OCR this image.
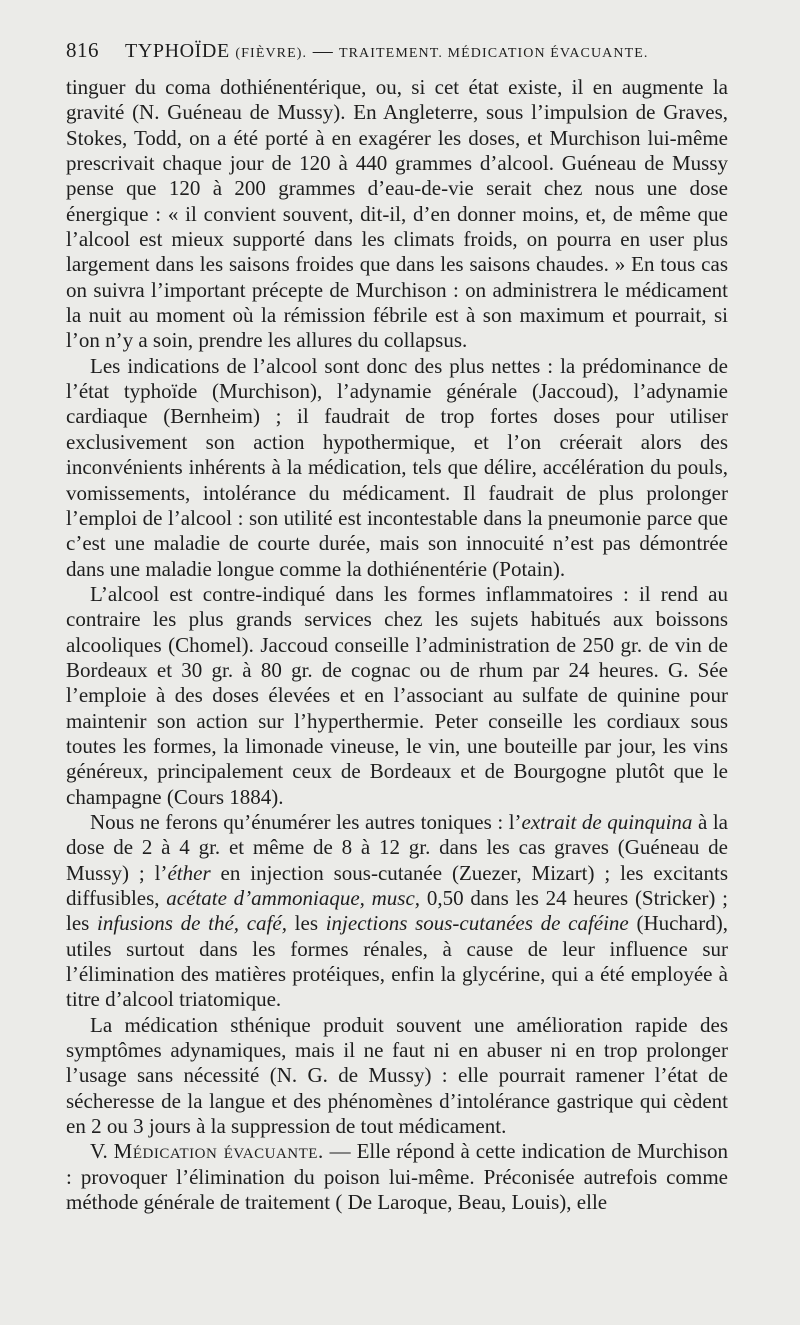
816 TYPHOÏDE (FIÈVRE). — TRAITEMENT. MÉDICATION ÉVACUANTE.

tinguer du coma dothiénentérique, ou, si cet état existe, il en augmente la gravité (N. Guéneau de Mussy). En Angleterre, sous l’impulsion de Graves, Stokes, Todd, on a été porté à en exagérer les doses, et Murchison lui-même prescrivait chaque jour de 120 à 440 grammes d’alcool. Guéneau de Mussy pense que 120 à 200 grammes d’eau-de-vie serait chez nous une dose énergique : « il convient souvent, dit-il, d’en donner moins, et, de même que l’alcool est mieux supporté dans les climats froids, on pourra en user plus largement dans les saisons froides que dans les saisons chaudes. » En tous cas on suivra l’important précepte de Murchison : on administrera le médicament la nuit au moment où la rémission fébrile est à son maximum et pourrait, si l’on n’y a soin, prendre les allures du collapsus.

Les indications de l’alcool sont donc des plus nettes : la prédominance de l’état typhoïde (Murchison), l’adynamie générale (Jaccoud), l’adynamie cardiaque (Bernheim) ; il faudrait de trop fortes doses pour utiliser exclusivement son action hypothermique, et l’on créerait alors des inconvénients inhérents à la médication, tels que délire, accélération du pouls, vomissements, intolérance du médicament. Il faudrait de plus prolonger l’emploi de l’alcool : son utilité est incontestable dans la pneumonie parce que c’est une maladie de courte durée, mais son innocuité n’est pas démontrée dans une maladie longue comme la dothiénentérie (Potain).

L’alcool est contre-indiqué dans les formes inflammatoires : il rend au contraire les plus grands services chez les sujets habitués aux boissons alcooliques (Chomel). Jaccoud conseille l’administration de 250 gr. de vin de Bordeaux et 30 gr. à 80 gr. de cognac ou de rhum par 24 heures. G. Sée l’emploie à des doses élevées et en l’associant au sulfate de quinine pour maintenir son action sur l’hyperthermie. Peter conseille les cordiaux sous toutes les formes, la limonade vineuse, le vin, une bouteille par jour, les vins généreux, principalement ceux de Bordeaux et de Bourgogne plutôt que le champagne (Cours 1884).

Nous ne ferons qu’énumérer les autres toniques : l’extrait de quinquina à la dose de 2 à 4 gr. et même de 8 à 12 gr. dans les cas graves (Guéneau de Mussy) ; l’éther en injection sous-cutanée (Zuezer, Mizart) ; les excitants diffusibles, acétate d’ammoniaque, musc, 0,50 dans les 24 heures (Stricker) ; les infusions de thé, café, les injections sous-cutanées de caféine (Huchard), utiles surtout dans les formes rénales, à cause de leur influence sur l’élimination des matières protéiques, enfin la glycérine, qui a été employée à titre d’alcool triatomique.

La médication sthénique produit souvent une amélioration rapide des symptômes adynamiques, mais il ne faut ni en abuser ni en trop prolonger l’usage sans nécessité (N. G. de Mussy) : elle pourrait ramener l’état de sécheresse de la langue et des phénomènes d’intolérance gastrique qui cèdent en 2 ou 3 jours à la suppression de tout médicament.

V. Médication évacuante. — Elle répond à cette indication de Murchison : provoquer l’élimination du poison lui-même. Préconisée autrefois comme méthode générale de traitement ( De Laroque, Beau, Louis), elle
